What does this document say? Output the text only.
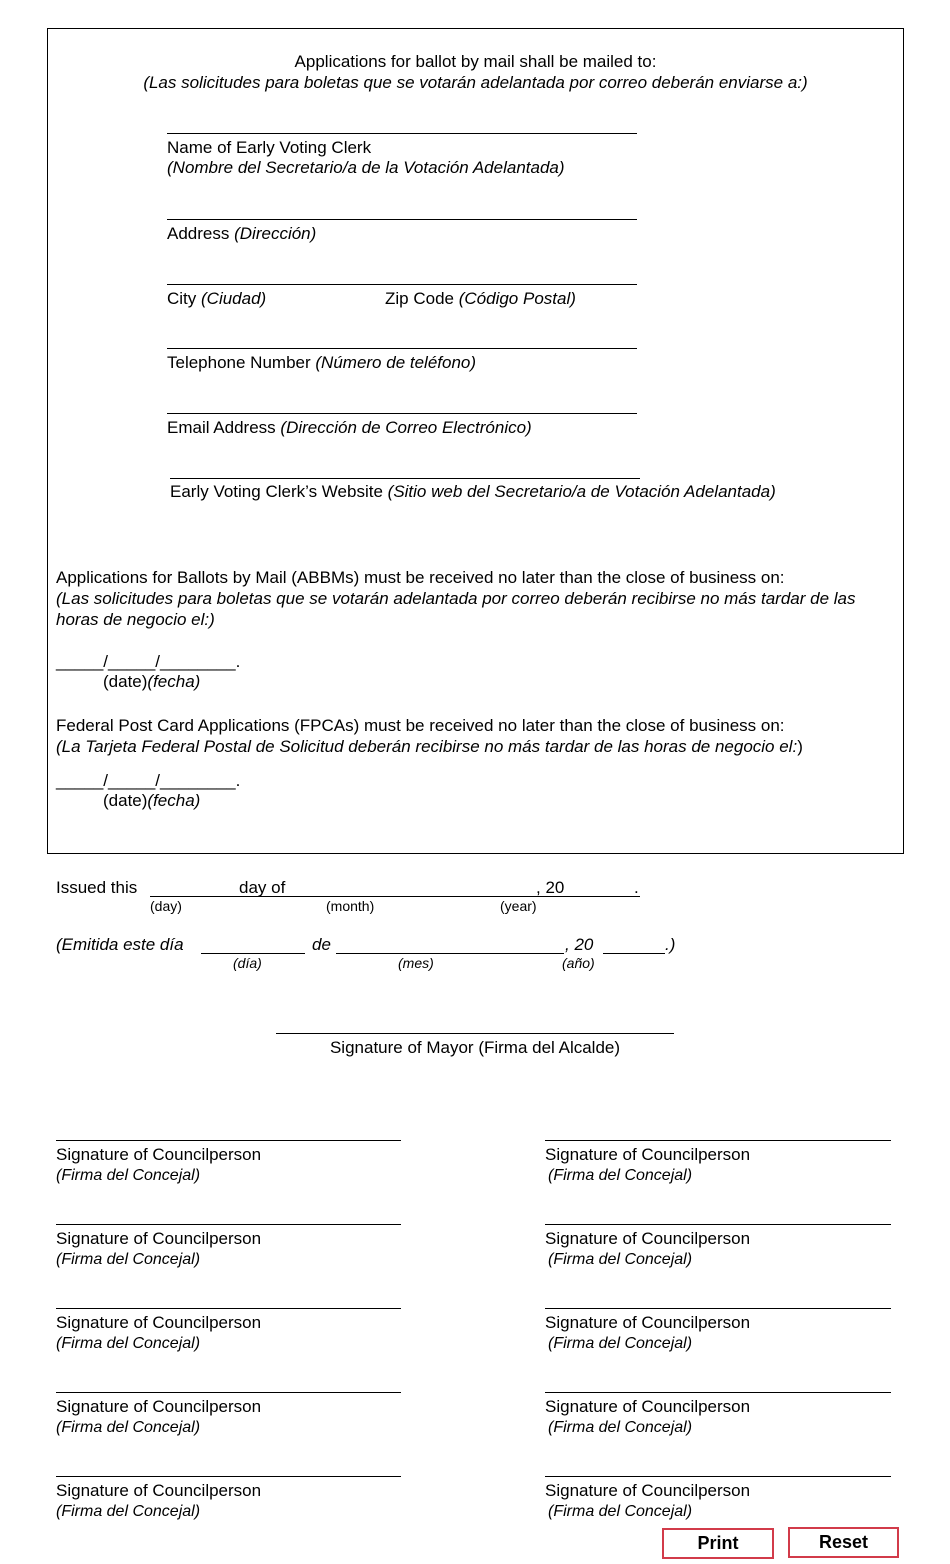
Applications for ballot by mail shall be mailed to:
(Las solicitudes para boletas que se votarán adelantada por correo deberán enviarse a:)
Name of Early Voting Clerk
(Nombre del Secretario/a de la Votación Adelantada)
Address (Dirección)
City (Ciudad)	Zip Code (Código Postal)
Telephone Number (Número de teléfono)
Email Address (Dirección de Correo Electrónico)
Early Voting Clerk’s Website (Sitio web del Secretario/a de Votación Adelantada)
Applications for Ballots by Mail (ABBMs) must be received no later than the close of business on:
(Las solicitudes para boletas que se votarán adelantada por correo deberán recibirse no más tardar de las horas de negocio el:)
_____/_____/________.
(date)(fecha)
Federal Post Card Applications (FPCAs) must be received no later than the close of business on:
(La Tarjeta Federal Postal de Solicitud deberán recibirse no más tardar de las horas de negocio el:)
_____/_____/________.
(date)(fecha)
Issued this	day of	, 20	.
(day)	(month)	(year)
(Emitida este día	de	, 20	.)
(día)	(mes)	(año)
Signature of Mayor (Firma del Alcalde)
Signature of Councilperson
(Firma del Concejal)
Signature of Councilperson
(Firma del Concejal)
Signature of Councilperson
(Firma del Concejal)
Signature of Councilperson
(Firma del Concejal)
Signature of Councilperson
(Firma del Concejal)
Signature of Councilperson
(Firma del Concejal)
Signature of Councilperson
(Firma del Concejal)
Signature of Councilperson
(Firma del Concejal)
Signature of Councilperson
(Firma del Concejal)
Signature of Councilperson
(Firma del Concejal)
Print	Reset
